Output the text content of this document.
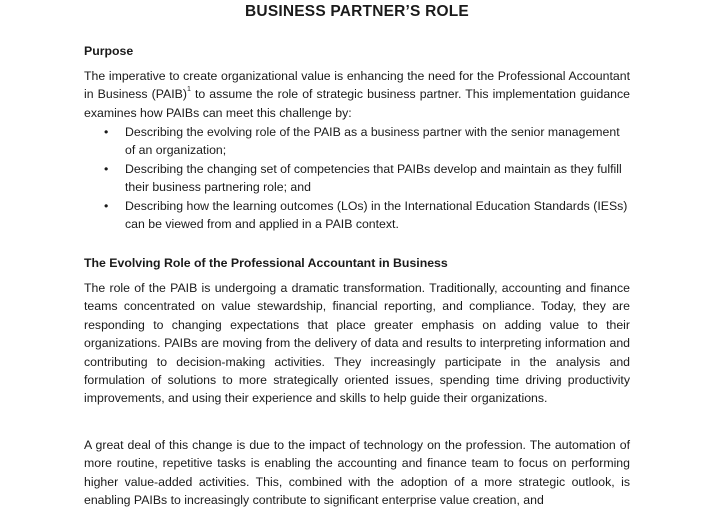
BUSINESS PARTNER’S ROLE
Purpose

The imperative to create organizational value is enhancing the need for the Professional Accountant in Business (PAIB)$^1$ to assume the role of strategic business partner. This implementation guidance examines how PAIBs can meet this challenge by:

• Describing the evolving role of the PAIB as a business partner with the senior management of an organization;
• Describing the changing set of competencies that PAIBs develop and maintain as they fulfill their business partnering role; and
• Describing how the learning outcomes (LOs) in the International Education Standards (IESs) can be viewed from and applied in a PAIB context.
The Evolving Role of the Professional Accountant in Business

The role of the PAIB is undergoing a dramatic transformation. Traditionally, accounting and finance teams concentrated on value stewardship, financial reporting, and compliance. Today, they are responding to changing expectations that place greater emphasis on adding value to their organizations. PAIBs are moving from the delivery of data and results to interpreting information and contributing to decision-making activities. They increasingly participate in the analysis and formulation of solutions to more strategically oriented issues, spending time driving productivity improvements, and using their experience and skills to help guide their organizations.

A great deal of this change is due to the impact of technology on the profession. The automation of more routine, repetitive tasks is enabling the accounting and finance team to focus on performing higher value-added activities. This, combined with the adoption of a more strategic outlook, is enabling PAIBs to increasingly contribute to significant enterprise value creation, and
